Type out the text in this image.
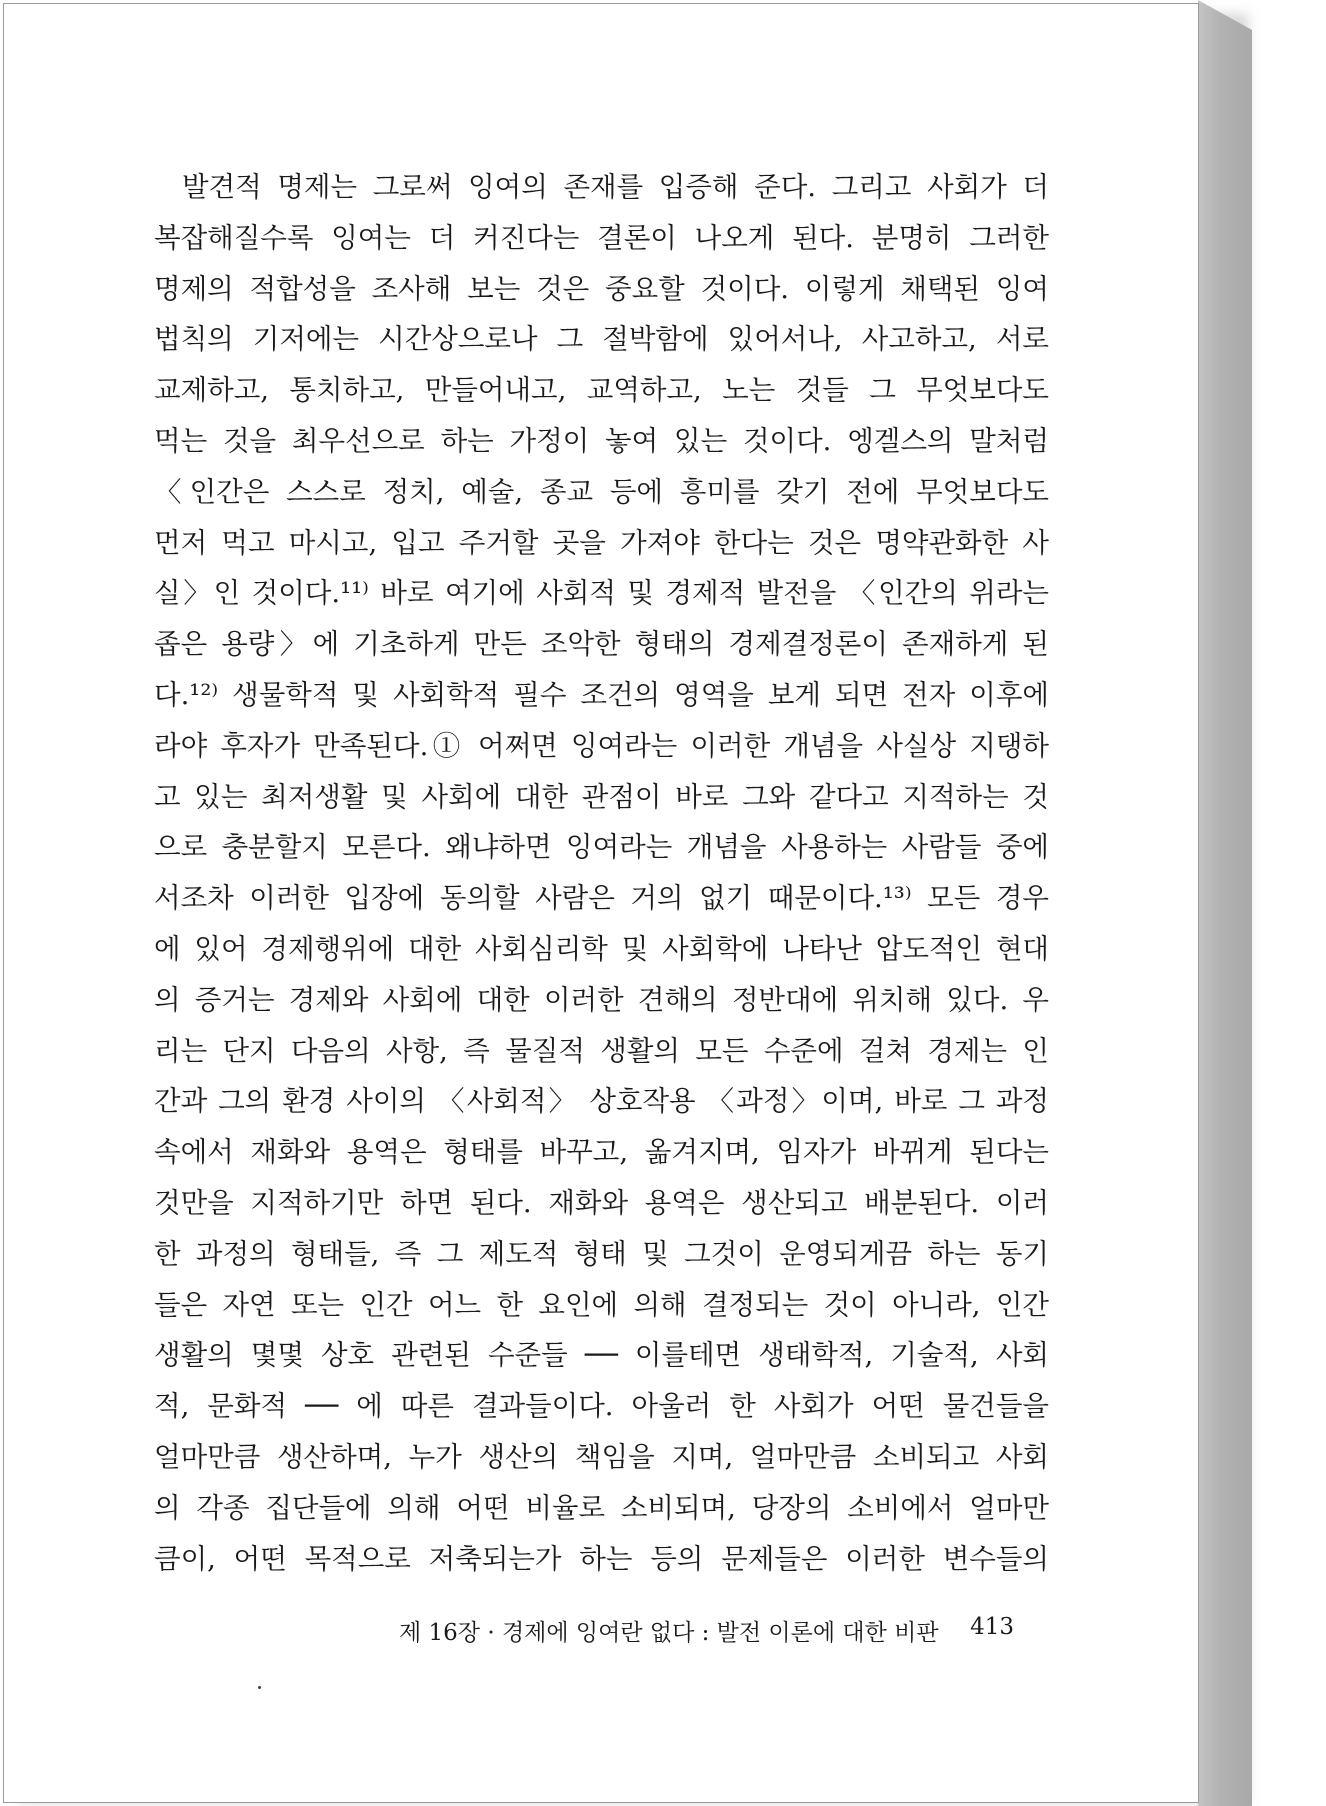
발견적 명제는 그로써 잉여의 존재를 입증해 준다. 그리고 사회가 더
복잡해질수록 잉여는 더 커진다는 결론이 나오게 된다. 분명히 그러한
명제의 적합성을 조사해 보는 것은 중요할 것이다. 이렇게 채택된 잉여
법칙의 기저에는 시간상으로나 그 절박함에 있어서나, 사고하고, 서로
교제하고, 통치하고, 만들어내고, 교역하고, 노는 것들 그 무엇보다도
먹는 것을 최우선으로 하는 가정이 놓여 있는 것이다. 엥겔스의 말처럼
〈인간은 스스로 정치, 예술, 종교 등에 흥미를 갖기 전에 무엇보다도
먼저 먹고 마시고, 입고 주거할 곳을 가져야 한다는 것은 명약관화한 사
실〉인 것이다.¹¹⁾ 바로 여기에 사회적 및 경제적 발전을 〈인간의 위라는
좁은 용량〉에 기초하게 만든 조악한 형태의 경제결정론이 존재하게 된
다.¹²⁾ 생물학적 및 사회학적 필수 조건의 영역을 보게 되면 전자 이후에
라야 후자가 만족된다.① 어쩌면 잉여라는 이러한 개념을 사실상 지탱하
고 있는 최저생활 및 사회에 대한 관점이 바로 그와 같다고 지적하는 것
으로 충분할지 모른다. 왜냐하면 잉여라는 개념을 사용하는 사람들 중에
서조차 이러한 입장에 동의할 사람은 거의 없기 때문이다.¹³⁾ 모든 경우
에 있어 경제행위에 대한 사회심리학 및 사회학에 나타난 압도적인 현대
의 증거는 경제와 사회에 대한 이러한 견해의 정반대에 위치해 있다. 우
리는 단지 다음의 사항, 즉 물질적 생활의 모든 수준에 걸쳐 경제는 인
간과 그의 환경 사이의 〈사회적〉 상호작용 〈과정〉이며, 바로 그 과정
속에서 재화와 용역은 형태를 바꾸고, 옮겨지며, 임자가 바뀌게 된다는
것만을 지적하기만 하면 된다. 재화와 용역은 생산되고 배분된다. 이러
한 과정의 형태들, 즉 그 제도적 형태 및 그것이 운영되게끔 하는 동기
들은 자연 또는 인간 어느 한 요인에 의해 결정되는 것이 아니라, 인간
생활의 몇몇 상호 관련된 수준들 ── 이를테면 생태학적, 기술적, 사회
적, 문화적 ── 에 따른 결과들이다. 아울러 한 사회가 어떤 물건들을
얼마만큼 생산하며, 누가 생산의 책임을 지며, 얼마만큼 소비되고 사회
의 각종 집단들에 의해 어떤 비율로 소비되며, 당장의 소비에서 얼마만
큼이, 어떤 목적으로 저축되는가 하는 등의 문제들은 이러한 변수들의
제 16장 · 경제에 잉여란 없다 : 발전 이론에 대한 비판 413
